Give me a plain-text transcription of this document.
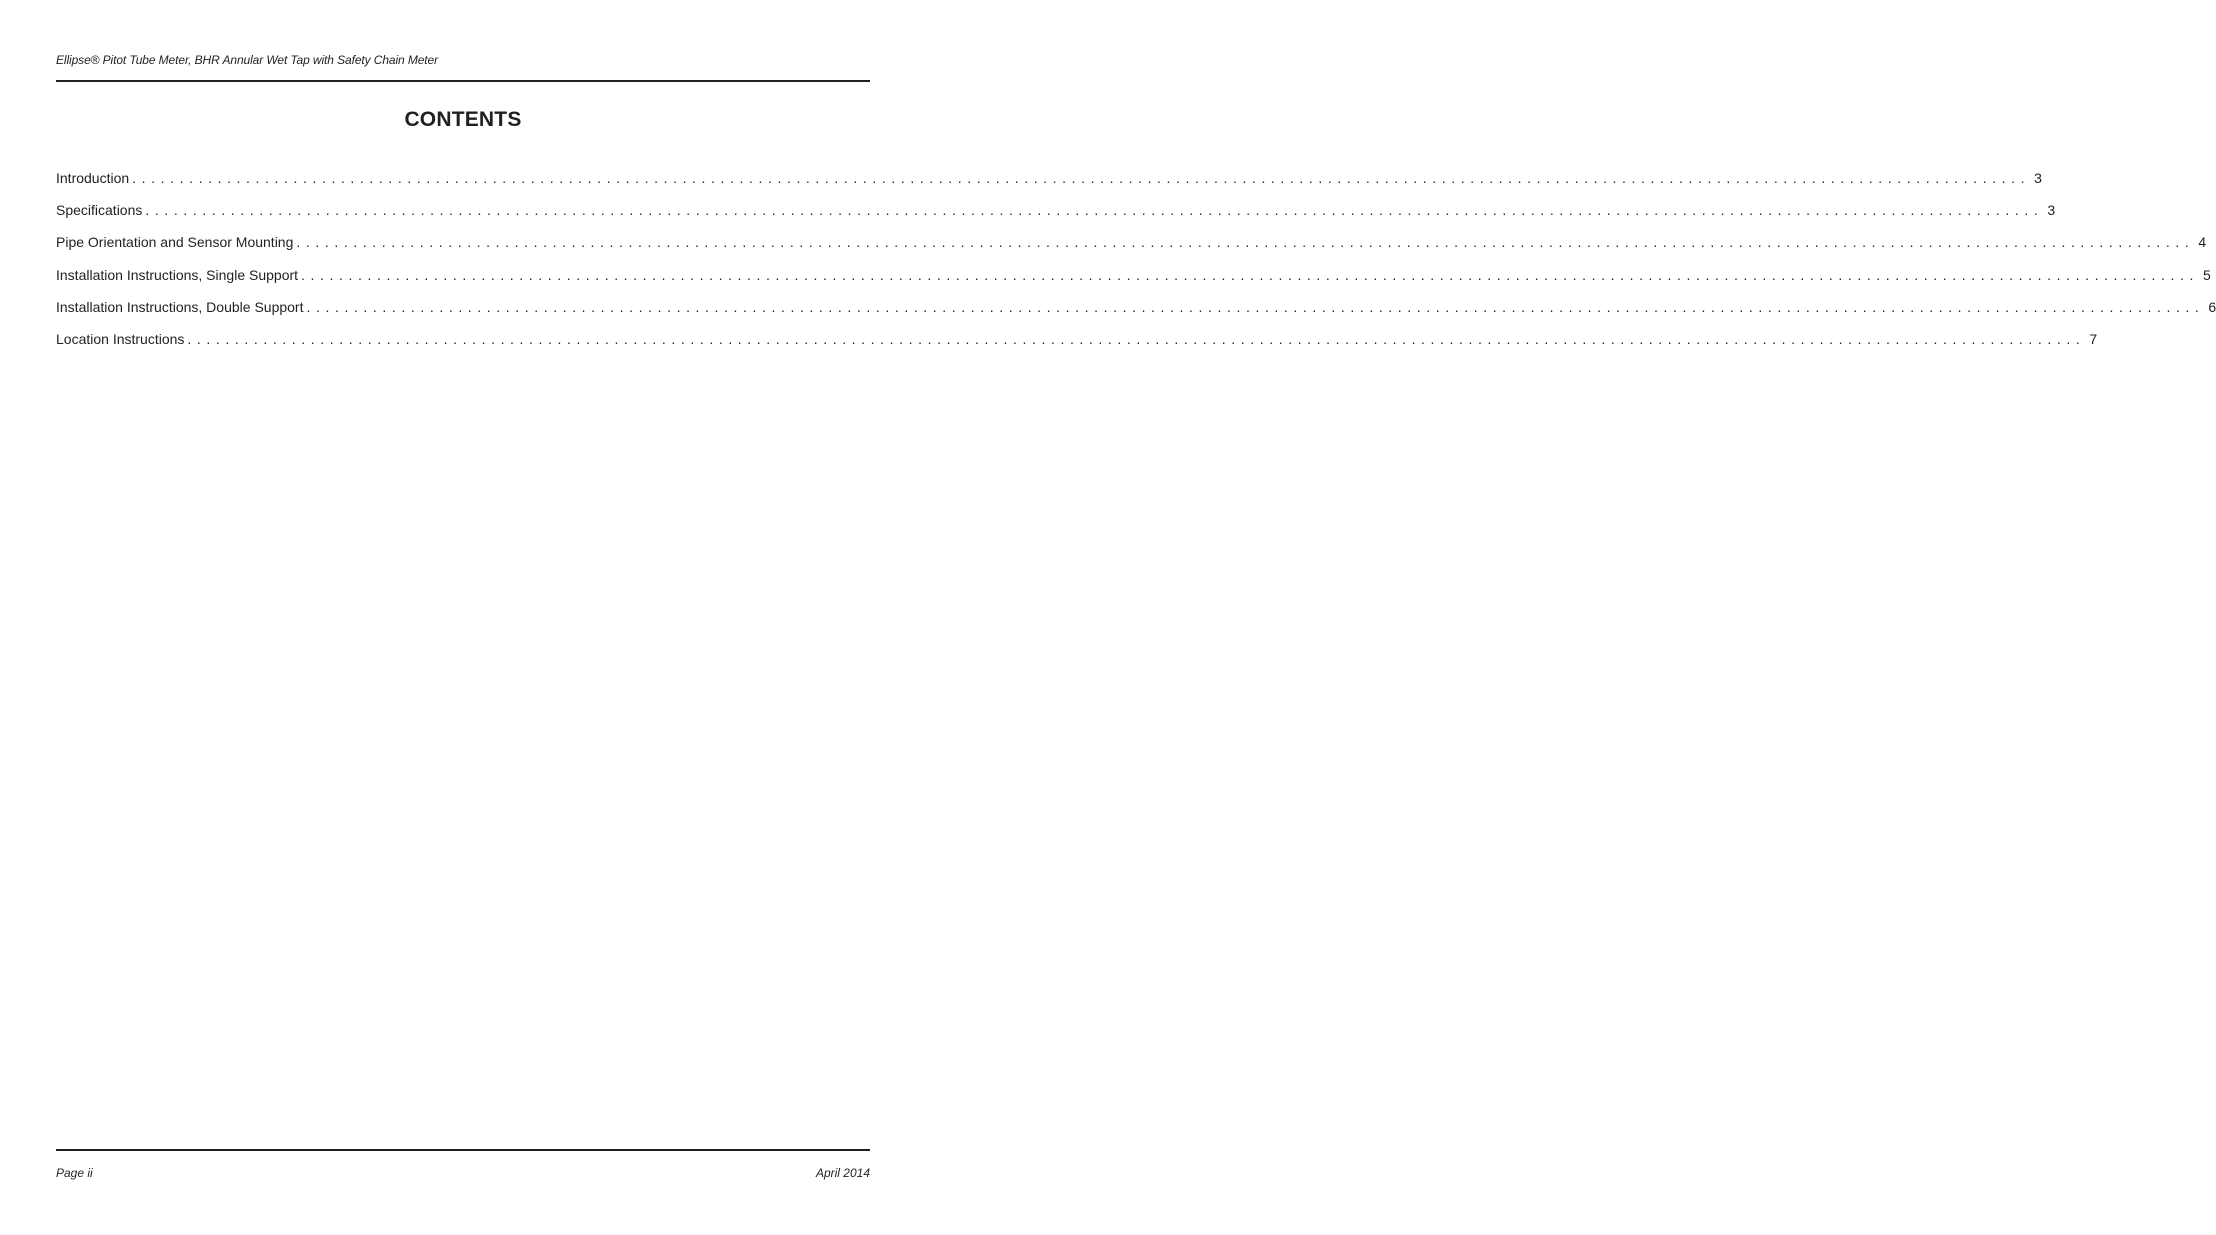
Ellipse® Pitot Tube Meter, BHR Annular Wet Tap with Safety Chain Meter
CONTENTS
Introduction ........................................................................................................................................................................................................ 3
Specifications ........................................................................................................................................................................................................ 3
Pipe Orientation and Sensor Mounting ........................................................................................................................................................................................................ 4
Installation Instructions, Single Support ........................................................................................................................................................................................................ 5
Installation Instructions, Double Support ........................................................................................................................................................................................................ 6
Location Instructions ........................................................................................................................................................................................................ 7
Page ii	April 2014
